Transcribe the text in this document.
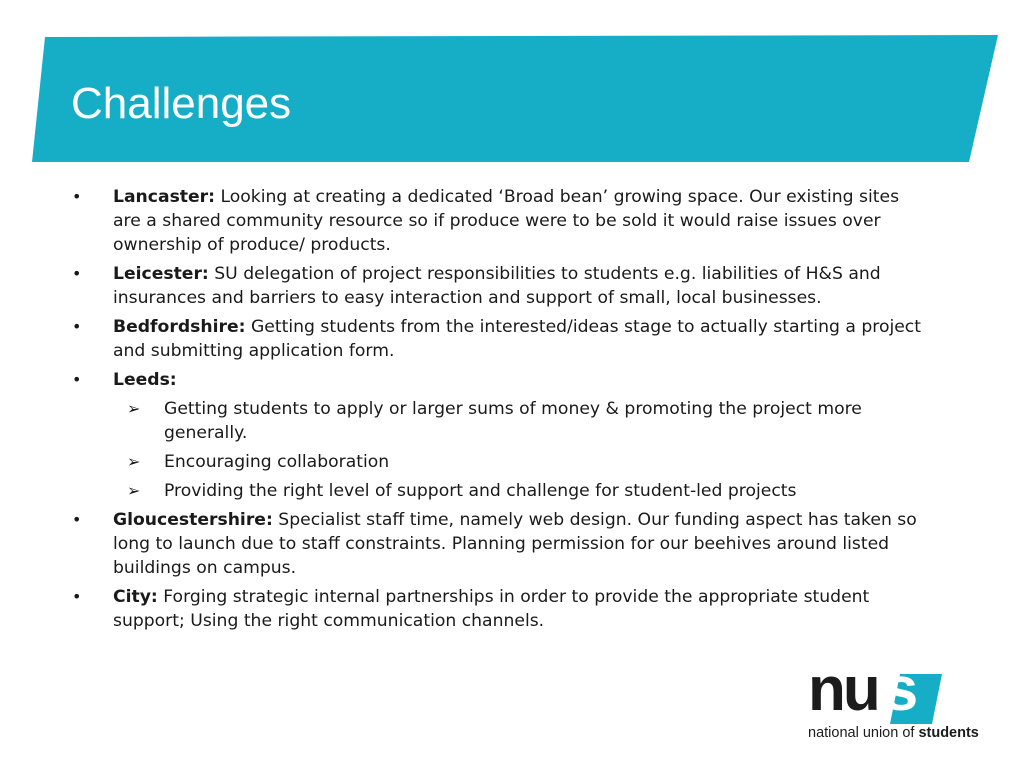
Challenges
• Lancaster: Looking at creating a dedicated ‘Broad bean’ growing space. Our existing sites are a shared community resource so if produce were to be sold it would raise issues over ownership of produce/ products.
• Leicester: SU delegation of project responsibilities to students e.g. liabilities of H&S and insurances and barriers to easy interaction and support of small, local businesses.
• Bedfordshire: Getting students from the interested/ideas stage to actually starting a project and submitting application form.
• Leeds:
➢	Getting students to apply or larger sums of money & promoting the project more generally.
➢	Encouraging collaboration
➢	Providing the right level of support and challenge for student-led projects
• Gloucestershire: Specialist staff time, namely web design. Our funding aspect has taken so long to launch due to staff constraints. Planning permission for our beehives around listed buildings on campus.
• City: Forging strategic internal partnerships in order to provide the appropriate student support; Using the right communication channels.
nus
national union of students
